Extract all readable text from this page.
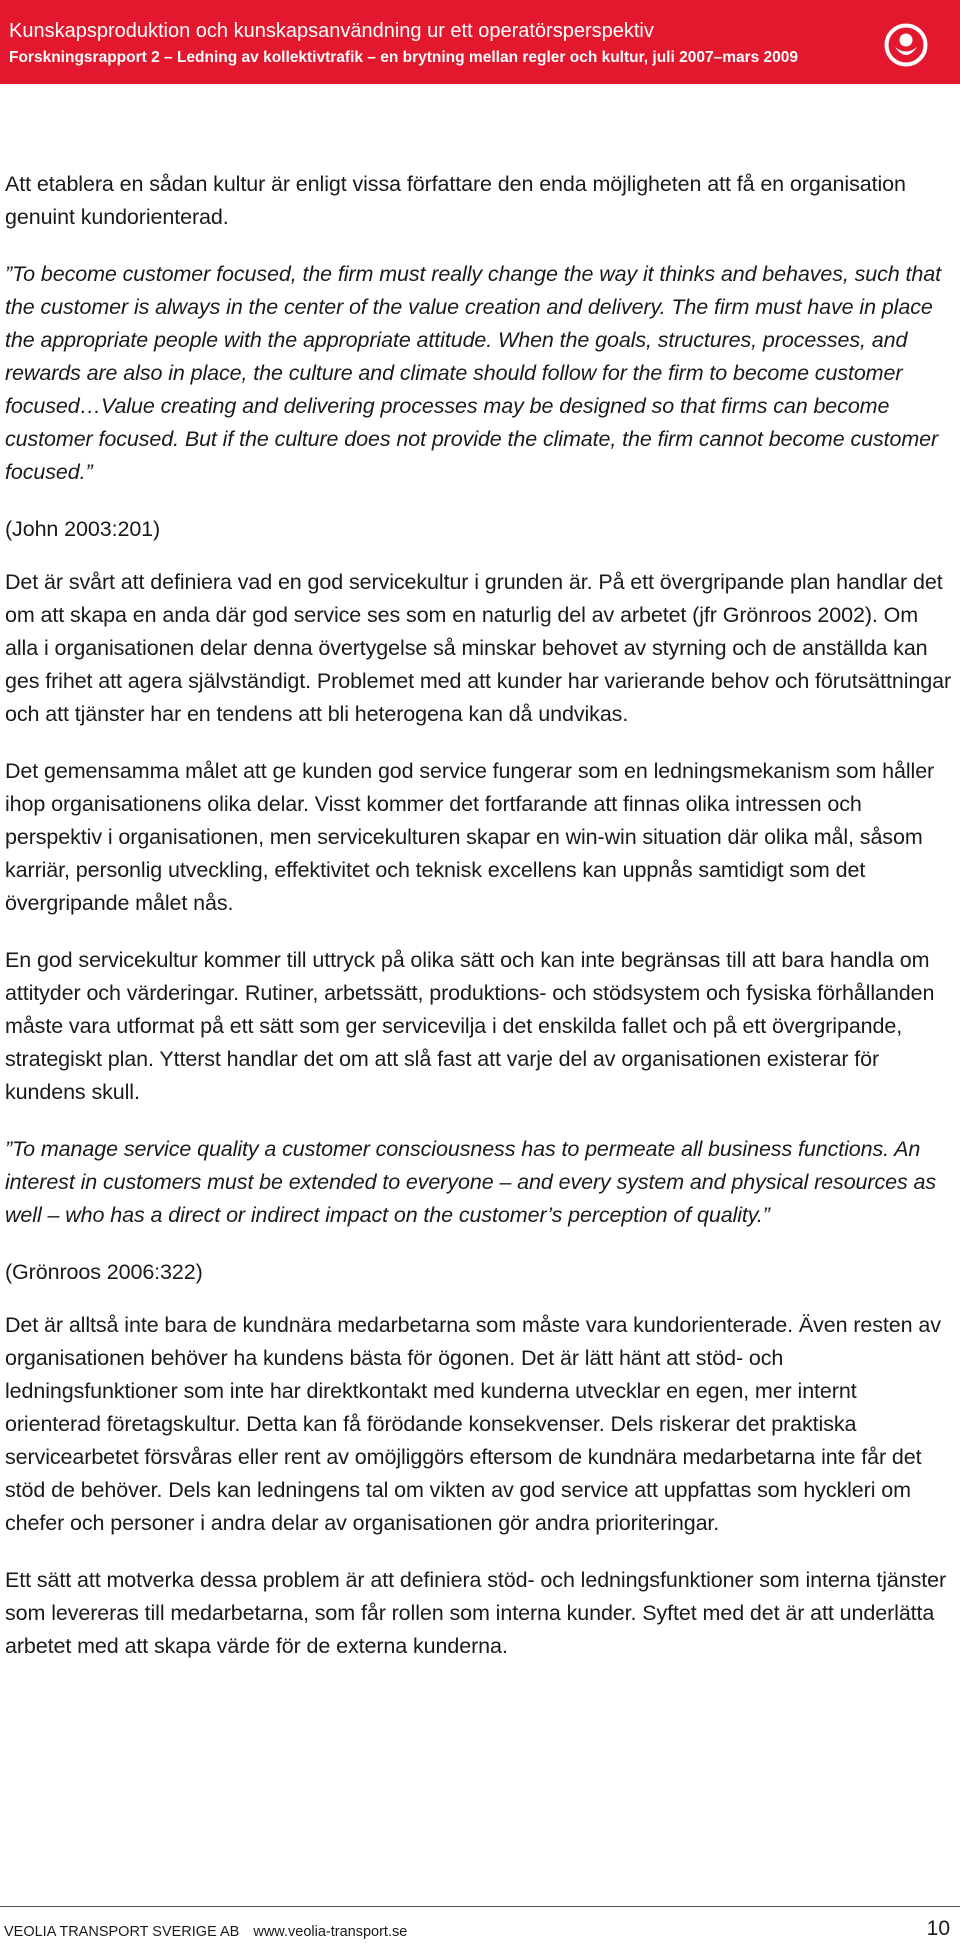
Kunskapsproduktion och kunskapsanvändning ur ett operatörsperspektiv
Forskningsrapport 2 – Ledning av kollektivtrafik – en brytning mellan regler och kultur, juli 2007–mars 2009

Att etablera en sådan kultur är enligt vissa författare den enda möjligheten att få en organisation genuint kundorienterad.

”To become customer focused, the firm must really change the way it thinks and behaves, such that the customer is always in the center of the value creation and delivery. The firm must have in place the appropriate people with the appropriate attitude. When the goals, structures, processes, and rewards are also in place, the culture and climate should follow for the firm to become customer focused…Value creating and delivering processes may be designed so that firms can become customer focused. But if the culture does not provide the climate, the firm cannot become customer focused.”

(John 2003:201)

Det är svårt att definiera vad en god servicekultur i grunden är. På ett övergripande plan handlar det om att skapa en anda där god service ses som en naturlig del av arbetet (jfr Grönroos 2002). Om alla i organisationen delar denna övertygelse så minskar behovet av styrning och de anställda kan ges frihet att agera självständigt. Problemet med att kunder har varierande behov och förutsättningar och att tjänster har en tendens att bli heterogena kan då undvikas.

Det gemensamma målet att ge kunden god service fungerar som en ledningsmekanism som håller ihop organisationens olika delar. Visst kommer det fortfarande att finnas olika intressen och perspektiv i organisationen, men servicekulturen skapar en win-win situation där olika mål, såsom karriär, personlig utveckling, effektivitet och teknisk excellens kan uppnås samtidigt som det övergripande målet nås.

En god servicekultur kommer till uttryck på olika sätt och kan inte begränsas till att bara handla om attityder och värderingar. Rutiner, arbetssätt, produktions- och stödsystem och fysiska förhållanden måste vara utformat på ett sätt som ger servicevilja i det enskilda fallet och på ett övergripande, strategiskt plan. Ytterst handlar det om att slå fast att varje del av organisationen existerar för kundens skull.

”To manage service quality a customer consciousness has to permeate all business functions. An interest in customers must be extended to everyone – and every system and physical resources as well – who has a direct or indirect impact on the customer’s perception of quality.”

(Grönroos 2006:322)

Det är alltså inte bara de kundnära medarbetarna som måste vara kundorienterade. Även resten av organisationen behöver ha kundens bästa för ögonen. Det är lätt hänt att stöd- och ledningsfunktioner som inte har direktkontakt med kunderna utvecklar en egen, mer internt orienterad företagskultur. Detta kan få förödande konsekvenser. Dels riskerar det praktiska servicearbetet försvåras eller rent av omöjliggörs eftersom de kundnära medarbetarna inte får det stöd de behöver. Dels kan ledningens tal om vikten av god service att uppfattas som hyckleri om chefer och personer i andra delar av organisationen gör andra prioriteringar.

Ett sätt att motverka dessa problem är att definiera stöd- och ledningsfunktioner som interna tjänster som levereras till medarbetarna, som får rollen som interna kunder. Syftet med det är att underlätta arbetet med att skapa värde för de externa kunderna.

VEOLIA TRANSPORT SVERIGE AB www.veolia-transport.se	10
